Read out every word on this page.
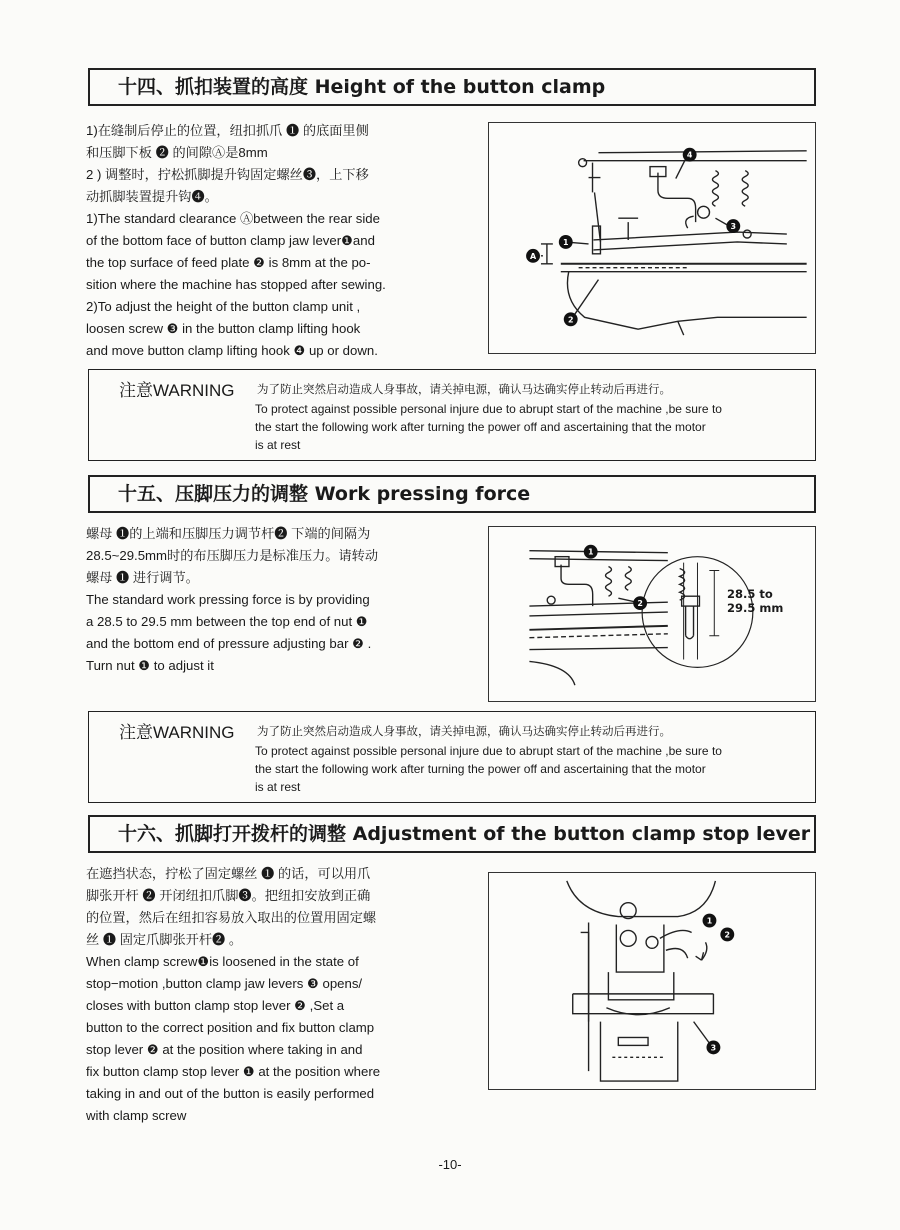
十四、抓扣装置的高度 Height of the button clamp
1)在缝制后停止的位置，纽扣抓爪 ❶ 的底面里侧
和压脚下板 ❷ 的间隙Ⓐ是8mm
2 ) 调整时，拧松抓脚提升钩固定螺丝❸，上下移
动抓脚装置提升钩❹。
1)The standard clearance Ⓐbetween the rear side
of the bottom face of button clamp jaw lever❶and
the top surface of feed plate ❷ is 8mm at the po-
sition where the machine has stopped after sewing.
2)To adjust the height of the button clamp unit ,
loosen screw ❸ in the button clamp lifting hook
and move button clamp lifting hook ❹ up or down.
4
3
1
A
2
注意WARNING 为了防止突然启动造成人身事故，请关掉电源，确认马达确实停止转动后再进行。
To protect against possible personal injure due to abrupt start of the machine ,be sure to
the start the following work after turning the power off and ascertaining that the motor
is at rest
十五、压脚压力的调整 Work pressing force
螺母 ❶的上端和压脚压力调节杆❷ 下端的间隔为
28.5~29.5mm时的布压脚压力是标准压力。请转动
螺母 ❶ 进行调节。
The standard work pressing force is by providing
a 28.5 to 29.5 mm between the top end of nut ❶
and the bottom end of pressure adjusting bar ❷ .
Turn nut ❶ to adjust it
1
2
28.5 to
29.5 mm
注意WARNING 为了防止突然启动造成人身事故，请关掉电源，确认马达确实停止转动后再进行。
To protect against possible personal injure due to abrupt start of the machine ,be sure to
the start the following work after turning the power off and ascertaining that the motor
is at rest
十六、抓脚打开拨杆的调整 Adjustment of the button clamp stop lever
在遮挡状态，拧松了固定螺丝 ❶ 的话，可以用爪
脚张开杆 ❷ 开闭纽扣爪脚❸。把纽扣安放到正确
的位置，然后在纽扣容易放入取出的位置用固定螺
丝 ❶ 固定爪脚张开杆❷ 。
When clamp screw❶is loosened in the state of
stop−motion ,button clamp jaw levers ❸ opens/
closes with button clamp stop lever ❷ ,Set a
button to the correct position and fix button clamp
stop lever ❷ at the position where taking in and
fix button clamp stop lever ❶ at the position where
taking in and out of the button is easily performed
with clamp screw
1
2
3
-10-
